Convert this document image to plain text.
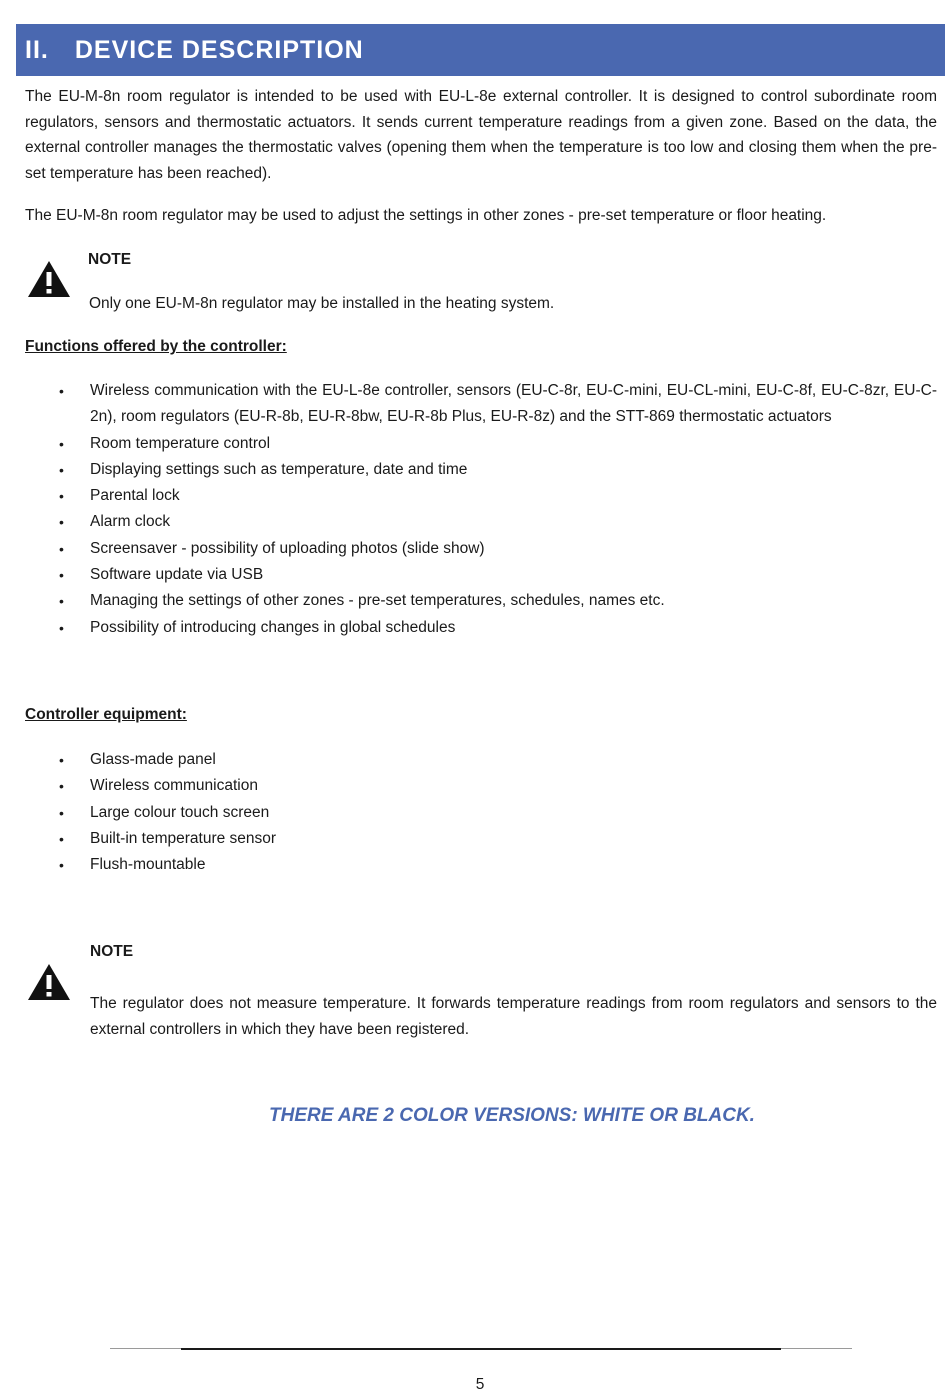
II. DEVICE DESCRIPTION

The EU-M-8n room regulator is intended to be used with EU-L-8e external controller. It is designed to control subordinate room regulators, sensors and thermostatic actuators. It sends current temperature readings from a given zone. Based on the data, the external controller manages the thermostatic valves (opening them when the temperature is too low and closing them when the pre-set temperature has been reached).

The EU-M-8n room regulator may be used to adjust the settings in other zones - pre-set temperature or floor heating.

NOTE

Only one EU-M-8n regulator may be installed in the heating system.

Functions offered by the controller:

• Wireless communication with the EU-L-8e controller, sensors (EU-C-8r, EU-C-mini, EU-CL-mini, EU-C-8f, EU-C-8zr, EU-C-2n), room regulators (EU-R-8b, EU-R-8bw, EU-R-8b Plus, EU-R-8z) and the STT-869 thermostatic actuators
• Room temperature control
• Displaying settings such as temperature, date and time
• Parental lock
• Alarm clock
• Screensaver - possibility of uploading photos (slide show)
• Software update via USB
• Managing the settings of other zones - pre-set temperatures, schedules, names etc.
• Possibility of introducing changes in global schedules

Controller equipment:

• Glass-made panel
• Wireless communication
• Large colour touch screen
• Built-in temperature sensor
• Flush-mountable

NOTE

The regulator does not measure temperature. It forwards temperature readings from room regulators and sensors to the external controllers in which they have been registered.

THERE ARE 2 COLOR VERSIONS: WHITE OR BLACK.

5
